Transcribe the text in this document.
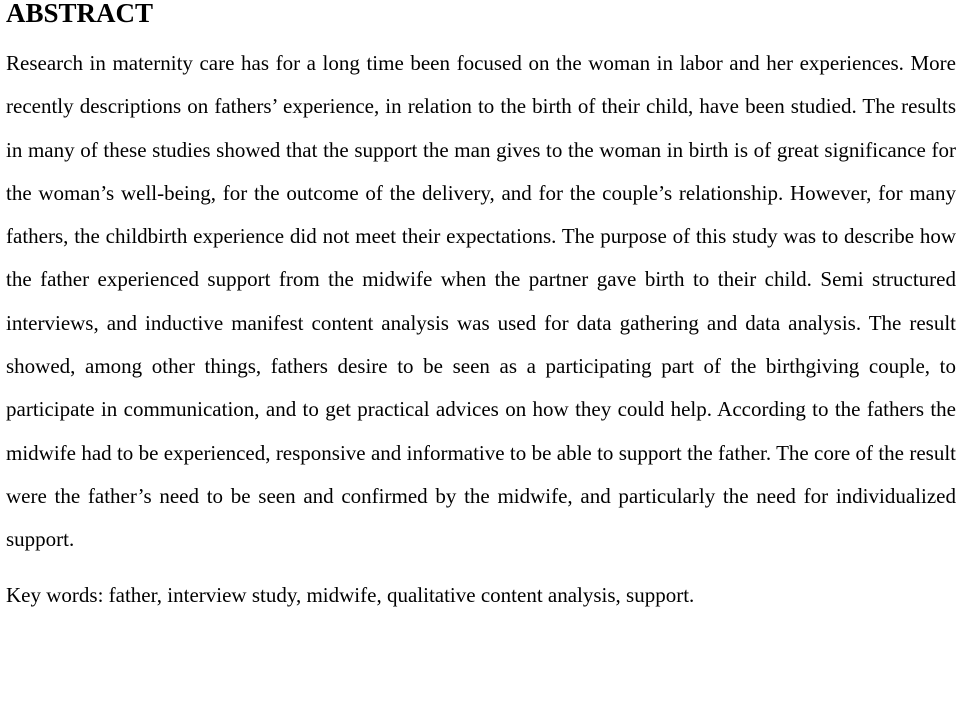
ABSTRACT

Research in maternity care has for a long time been focused on the woman in labor and her experiences. More recently descriptions on fathers’ experience, in relation to the birth of their child, have been studied. The results in many of these studies showed that the support the man gives to the woman in birth is of great significance for the woman’s well-being, for the outcome of the delivery, and for the couple’s relationship. However, for many fathers, the childbirth experience did not meet their expectations. The purpose of this study was to describe how the father experienced support from the midwife when the partner gave birth to their child. Semi structured interviews, and inductive manifest content analysis was used for data gathering and data analysis. The result showed, among other things, fathers desire to be seen as a participating part of the birthgiving couple, to participate in communication, and to get practical advices on how they could help. According to the fathers the midwife had to be experienced, responsive and informative to be able to support the father. The core of the result were the father’s need to be seen and confirmed by the midwife, and particularly the need for individualized support.

Key words: father, interview study, midwife, qualitative content analysis, support.
